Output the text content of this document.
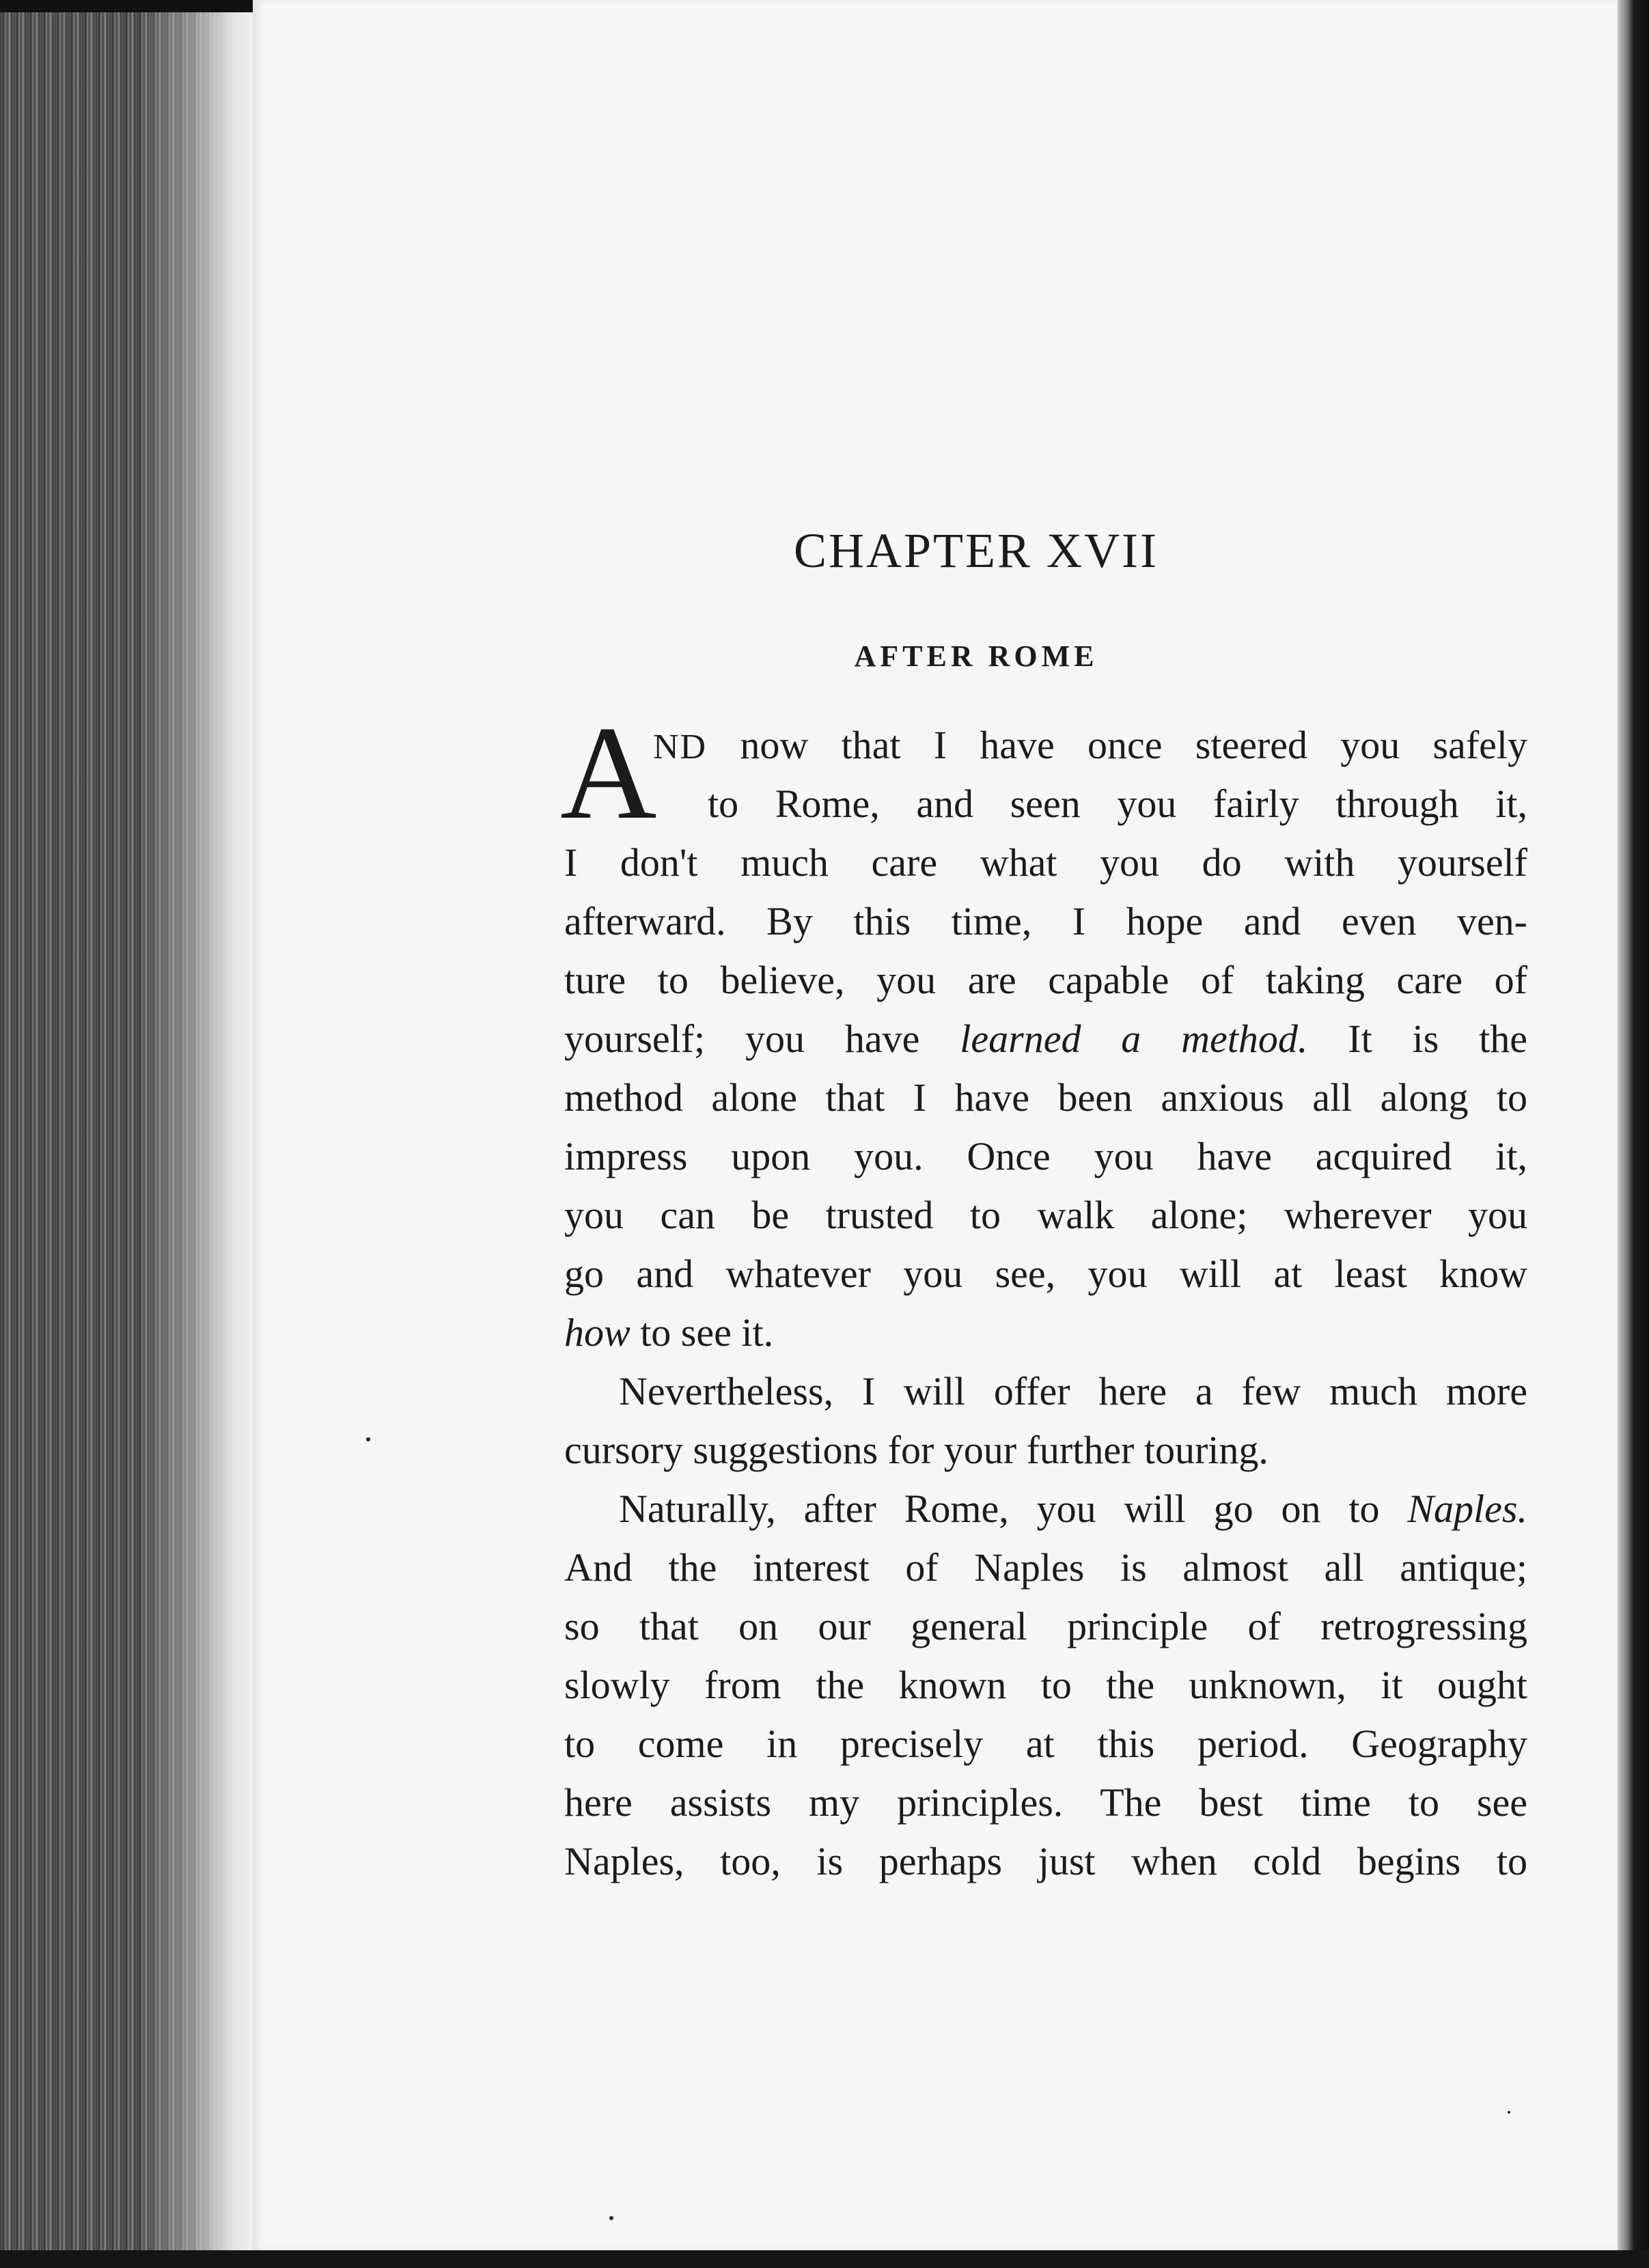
CHAPTER XVII
AFTER ROME
A
ND now that I have once steered you safely
to Rome, and seen you fairly through it,
I don't much care what you do with yourself
afterward. By this time, I hope and even ven-
ture to believe, you are capable of taking care of
yourself; you have learned a method. It is the
method alone that I have been anxious all along to
impress upon you. Once you have acquired it,
you can be trusted to walk alone; wherever you
go and whatever you see, you will at least know
how to see it.
Nevertheless, I will offer here a few much more
cursory suggestions for your further touring.
Naturally, after Rome, you will go on to Naples.
And the interest of Naples is almost all antique;
so that on our general principle of retrogressing
slowly from the known to the unknown, it ought
to come in precisely at this period. Geography
here assists my principles. The best time to see
Naples, too, is perhaps just when cold begins to
